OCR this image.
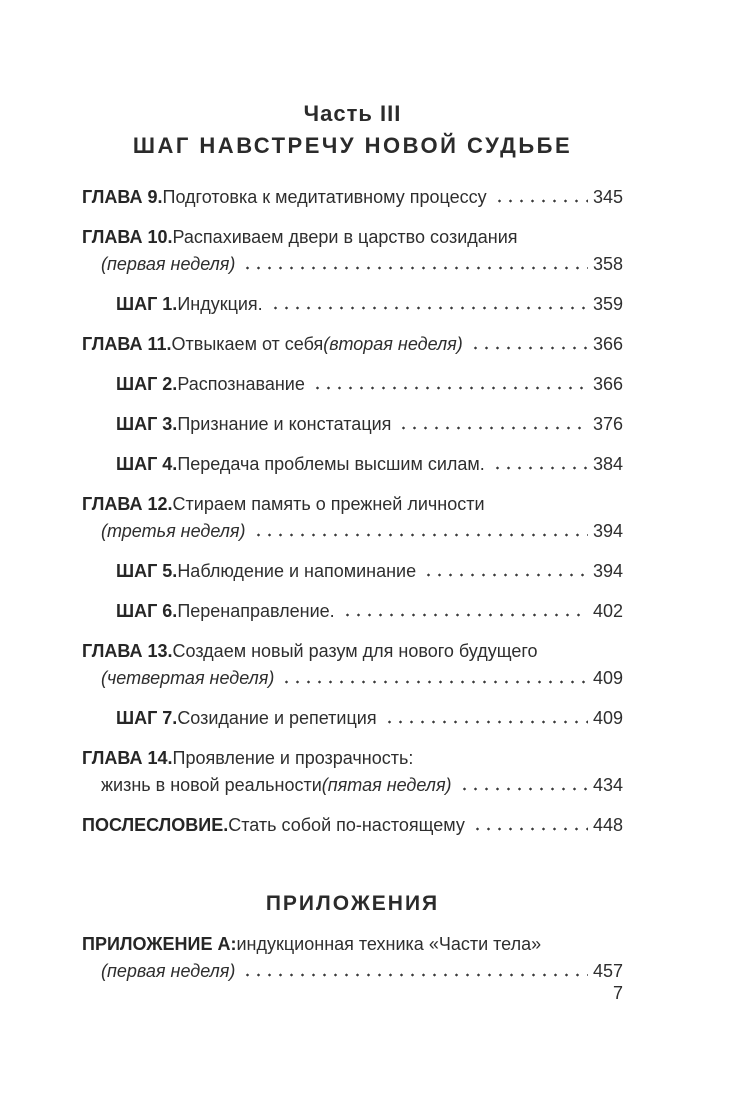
Часть III
ШАГ НАВСТРЕЧУ НОВОЙ СУДЬБЕ
ГЛАВА 9. Подготовка к медитативному процессу	345
ГЛАВА 10. Распахиваем двери в царство созидания
(первая неделя)	358
ШАГ 1. Индукция.	359
ГЛАВА 11. Отвыкаем от себя (вторая неделя)	366
ШАГ 2. Распознавание	366
ШАГ 3. Признание и констатация	376
ШАГ 4. Передача проблемы высшим силам.	384
ГЛАВА 12. Стираем память о прежней личности
(третья неделя)	394
ШАГ 5. Наблюдение и напоминание	394
ШАГ 6. Перенаправление.	402
ГЛАВА 13. Создаем новый разум для нового будущего
(четвертая неделя)	409
ШАГ 7. Созидание и репетиция	409
ГЛАВА 14. Проявление и прозрачность:
жизнь в новой реальности (пятая неделя)	434
ПОСЛЕСЛОВИЕ. Стать собой по-настоящему	448
ПРИЛОЖЕНИЯ
ПРИЛОЖЕНИЕ А: индукционная техника «Части тела»
(первая неделя)	457
7
